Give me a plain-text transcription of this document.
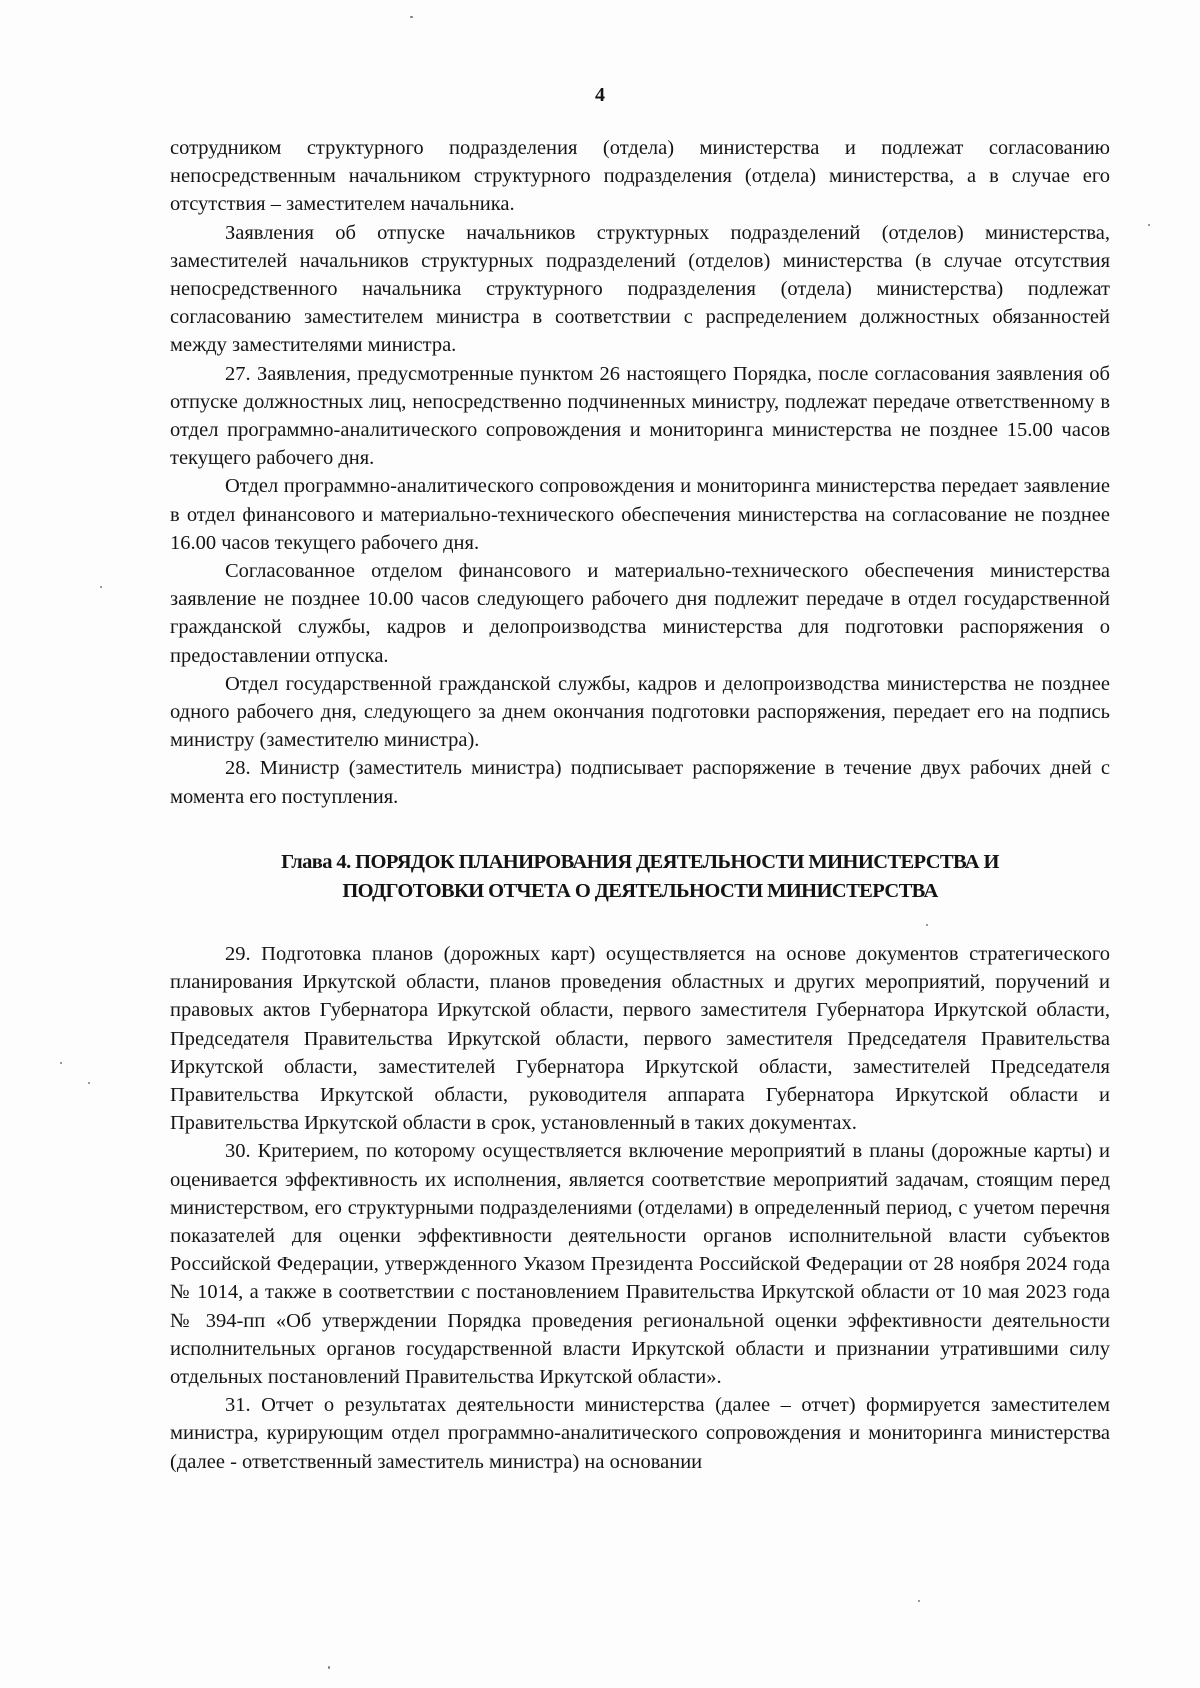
4

сотрудником структурного подразделения (отдела) министерства и подлежат согласованию непосредственным начальником структурного подразделения (отдела) министерства, а в случае его отсутствия – заместителем начальника.

Заявления об отпуске начальников структурных подразделений (отделов) министерства, заместителей начальников структурных подразделений (отделов) министерства (в случае отсутствия непосредственного начальника структурного подразделения (отдела) министерства) подлежат согласованию заместителем министра в соответствии с распределением должностных обязанностей между заместителями министра.

27. Заявления, предусмотренные пунктом 26 настоящего Порядка, после согласования заявления об отпуске должностных лиц, непосредственно подчиненных министру, подлежат передаче ответственному в отдел программно-аналитического сопровождения и мониторинга министерства не позднее 15.00 часов текущего рабочего дня.

Отдел программно-аналитического сопровождения и мониторинга министерства передает заявление в отдел финансового и материально-технического обеспечения министерства на согласование не позднее 16.00 часов текущего рабочего дня.

Согласованное отделом финансового и материально-технического обеспечения министерства заявление не позднее 10.00 часов следующего рабочего дня подлежит передаче в отдел государственной гражданской службы, кадров и делопроизводства министерства для подготовки распоряжения о предоставлении отпуска.

Отдел государственной гражданской службы, кадров и делопроизводства министерства не позднее одного рабочего дня, следующего за днем окончания подготовки распоряжения, передает его на подпись министру (заместителю министра).

28. Министр (заместитель министра) подписывает распоряжение в течение двух рабочих дней с момента его поступления.

Глава 4. ПОРЯДОК ПЛАНИРОВАНИЯ ДЕЯТЕЛЬНОСТИ МИНИСТЕРСТВА И
ПОДГОТОВКИ ОТЧЕТА О ДЕЯТЕЛЬНОСТИ МИНИСТЕРСТВА

29. Подготовка планов (дорожных карт) осуществляется на основе документов стратегического планирования Иркутской области, планов проведения областных и других мероприятий, поручений и правовых актов Губернатора Иркутской области, первого заместителя Губернатора Иркутской области, Председателя Правительства Иркутской области, первого заместителя Председателя Правительства Иркутской области, заместителей Губернатора Иркутской области, заместителей Председателя Правительства Иркутской области, руководителя аппарата Губернатора Иркутской области и Правительства Иркутской области в срок, установленный в таких документах.

30. Критерием, по которому осуществляется включение мероприятий в планы (дорожные карты) и оценивается эффективность их исполнения, является соответствие мероприятий задачам, стоящим перед министерством, его структурными подразделениями (отделами) в определенный период, с учетом перечня показателей для оценки эффективности деятельности органов исполнительной власти субъектов Российской Федерации, утвержденного Указом Президента Российской Федерации от 28 ноября 2024 года № 1014, а также в соответствии с постановлением Правительства Иркутской области от 10 мая 2023 года № 394-пп «Об утверждении Порядка проведения региональной оценки эффективности деятельности исполнительных органов государственной власти Иркутской области и признании утратившими силу отдельных постановлений Правительства Иркутской области».

31. Отчет о результатах деятельности министерства (далее – отчет) формируется заместителем министра, курирующим отдел программно-аналитического сопровождения и мониторинга министерства (далее - ответственный заместитель министра) на основании
